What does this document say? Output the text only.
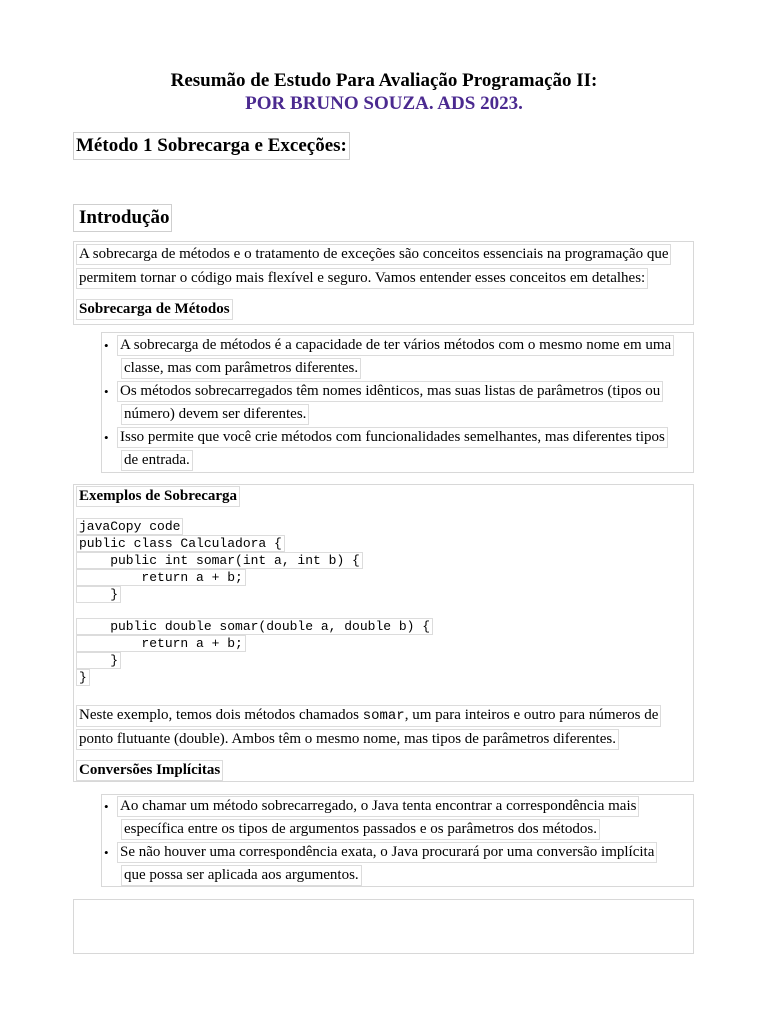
Resumão de Estudo Para Avaliação Programação II:
POR BRUNO SOUZA. ADS 2023.
Método 1 Sobrecarga e Exceções:
Introdução
A sobrecarga de métodos e o tratamento de exceções são conceitos essenciais na programação que
permitem tornar o código mais flexível e seguro. Vamos entender esses conceitos em detalhes:
Sobrecarga de Métodos
• A sobrecarga de métodos é a capacidade de ter vários métodos com o mesmo nome em uma
classe, mas com parâmetros diferentes.
• Os métodos sobrecarregados têm nomes idênticos, mas suas listas de parâmetros (tipos ou
número) devem ser diferentes.
• Isso permite que você crie métodos com funcionalidades semelhantes, mas diferentes tipos
de entrada.
Exemplos de Sobrecarga
javaCopy code
public class Calculadora {
public int somar(int a, int b) {
return a + b;
}
public double somar(double a, double b) {
return a + b;
}
}
Neste exemplo, temos dois métodos chamados somar, um para inteiros e outro para números de
ponto flutuante (double). Ambos têm o mesmo nome, mas tipos de parâmetros diferentes.
Conversões Implícitas
• Ao chamar um método sobrecarregado, o Java tenta encontrar a correspondência mais
específica entre os tipos de argumentos passados e os parâmetros dos métodos.
• Se não houver uma correspondência exata, o Java procurará por uma conversão implícita
que possa ser aplicada aos argumentos.
